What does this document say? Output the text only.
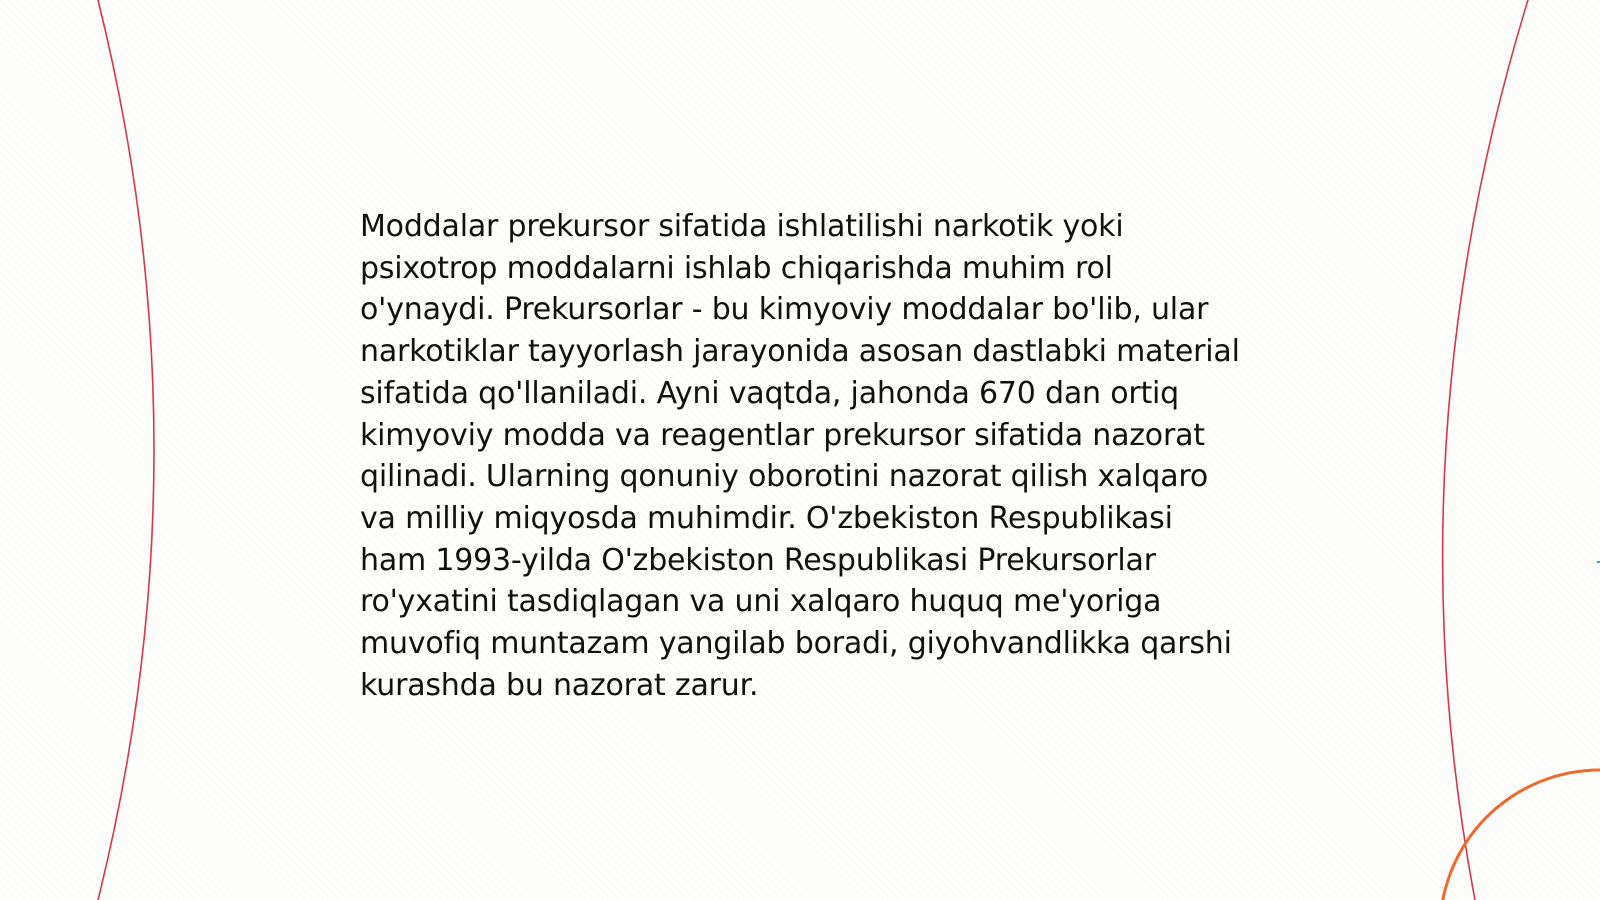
Moddalar prekursor sifatida ishlatilishi narkotik yoki psixotrop moddalarni ishlab chiqarishda muhim rol o'ynaydi. Prekursorlar - bu kimyoviy moddalar bo'lib, ular narkotiklar tayyorlash jarayonida asosan dastlabki material sifatida qo'llaniladi. Ayni vaqtda, jahonda 670 dan ortiq kimyoviy modda va reagentlar prekursor sifatida nazorat qilinadi. Ularning qonuniy oborotini nazorat qilish xalqaro va milliy miqyosda muhimdir. O'zbekiston Respublikasi ham 1993-yilda O'zbekiston Respublikasi Prekursorlar ro'yxatini tasdiqlagan va uni xalqaro huquq me'yoriga muvofiq muntazam yangilab boradi, giyohvandlikka qarshi kurashda bu nazorat zarur.
